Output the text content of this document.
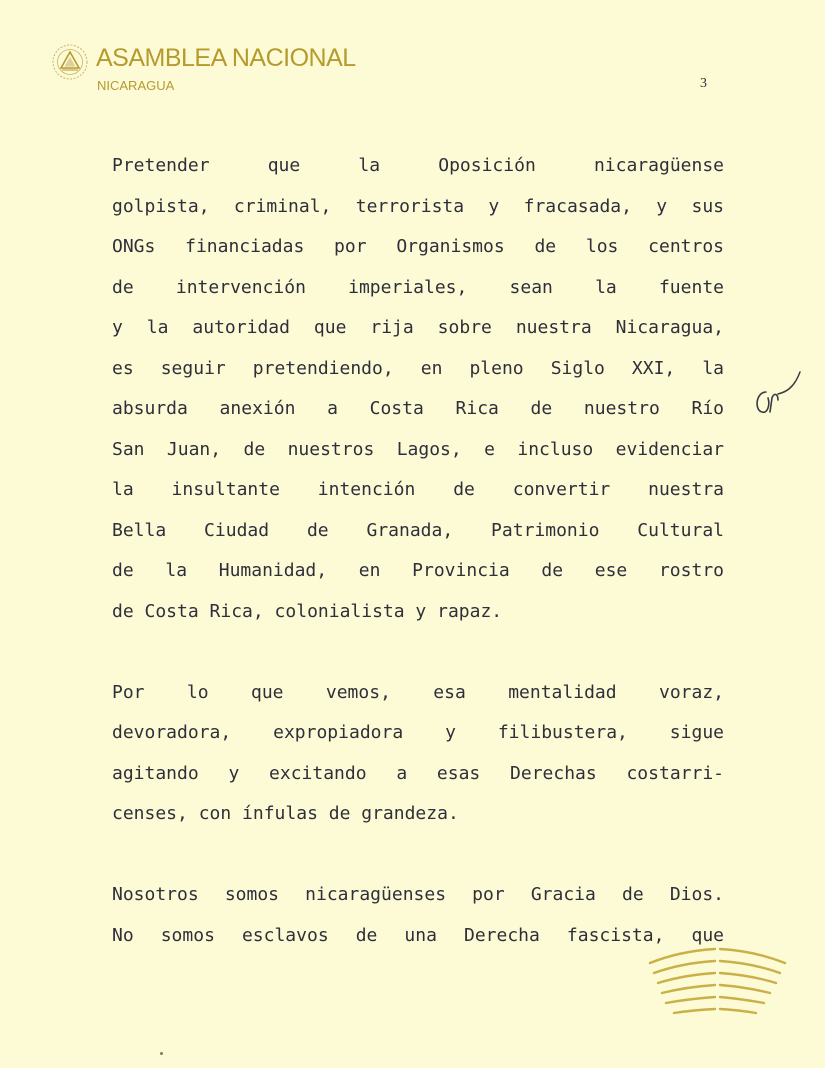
ASAMBLEA NACIONAL
NICARAGUA	3
Pretender que la Oposición nicaragüense
golpista, criminal, terrorista y fracasada, y sus
ONGs financiadas por Organismos de los centros
de intervención imperiales, sean la fuente
y la autoridad que rija sobre nuestra Nicaragua,
es seguir pretendiendo, en pleno Siglo XXI, la
absurda anexión a Costa Rica de nuestro Río
San Juan, de nuestros Lagos, e incluso evidenciar
la insultante intención de convertir nuestra
Bella Ciudad de Granada, Patrimonio Cultural
de la Humanidad, en Provincia de ese rostro
de Costa Rica, colonialista y rapaz.
Por lo que vemos, esa mentalidad voraz,
devoradora, expropiadora y filibustera, sigue
agitando y excitando a esas Derechas costarri-
censes, con ínfulas de grandeza.
Nosotros somos nicaragüenses por Gracia de Dios.
No somos esclavos de una Derecha fascista, que
